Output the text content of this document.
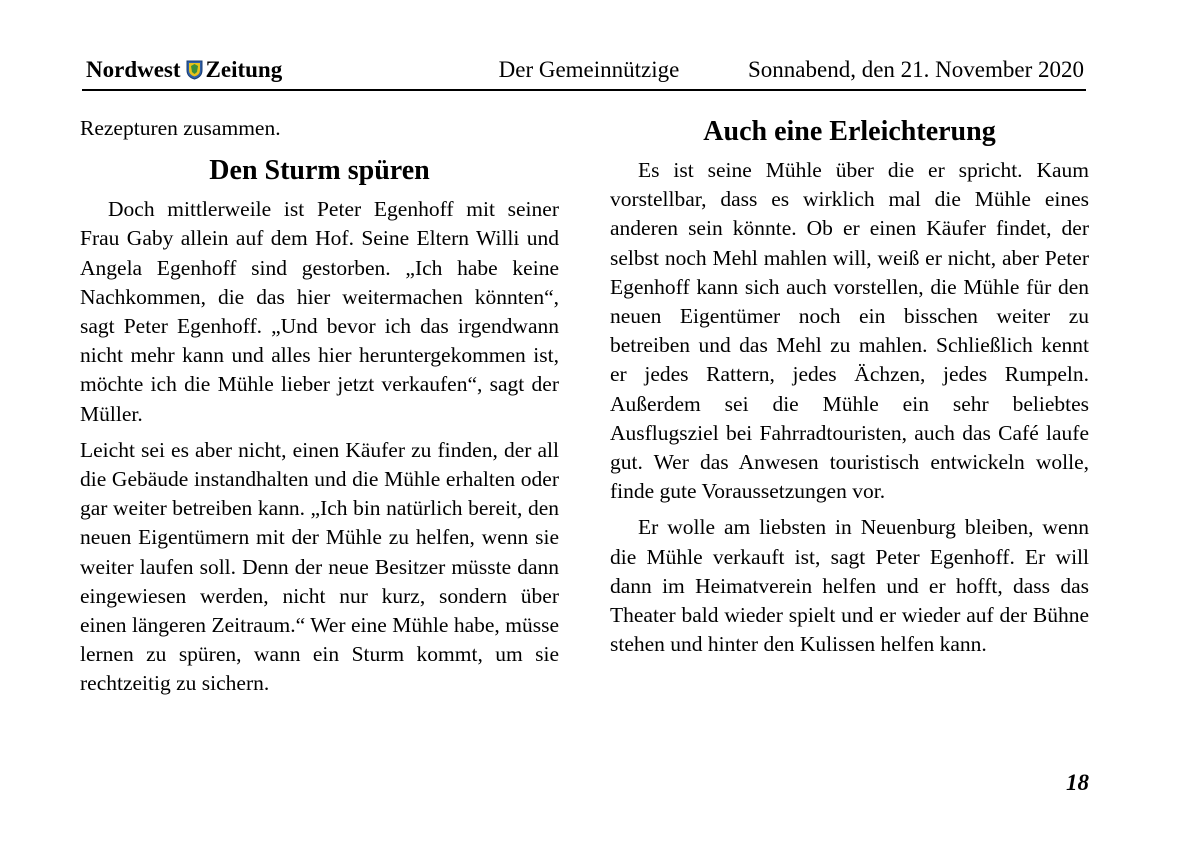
Nordwest Zeitung	Der Gemeinnützige	Sonnabend, den 21. November 2020

Rezepturen zusammen.

Den Sturm spüren

Doch mittlerweile ist Peter Egenhoff mit seiner Frau Gaby allein auf dem Hof. Seine Eltern Willi und Angela Egenhoff sind gestorben. „Ich habe keine Nachkommen, die das hier weitermachen könnten“, sagt Peter Egenhoff. „Und bevor ich das irgendwann nicht mehr kann und alles hier heruntergekommen ist, möchte ich die Mühle lieber jetzt verkaufen“, sagt der Müller.

Leicht sei es aber nicht, einen Käufer zu finden, der all die Gebäude instandhalten und die Mühle erhalten oder gar weiter betreiben kann. „Ich bin natürlich bereit, den neuen Eigentümern mit der Mühle zu helfen, wenn sie weiter laufen soll. Denn der neue Besitzer müsste dann eingewiesen werden, nicht nur kurz, sondern über einen längeren Zeitraum.“ Wer eine Mühle habe, müsse lernen zu spüren, wann ein Sturm kommt, um sie rechtzeitig zu sichern.

Auch eine Erleichterung

Es ist seine Mühle über die er spricht. Kaum vorstellbar, dass es wirklich mal die Mühle eines anderen sein könnte. Ob er einen Käufer findet, der selbst noch Mehl mahlen will, weiß er nicht, aber Peter Egenhoff kann sich auch vorstellen, die Mühle für den neuen Eigentümer noch ein bisschen weiter zu betreiben und das Mehl zu mahlen. Schließlich kennt er jedes Rattern, jedes Ächzen, jedes Rumpeln. Außerdem sei die Mühle ein sehr beliebtes Ausflugsziel bei Fahrradtouristen, auch das Café laufe gut. Wer das Anwesen touristisch entwickeln wolle, finde gute Voraussetzungen vor.

Er wolle am liebsten in Neuenburg bleiben, wenn die Mühle verkauft ist, sagt Peter Egenhoff. Er will dann im Heimatverein helfen und er hofft, dass das Theater bald wieder spielt und er wieder auf der Bühne stehen und hinter den Kulissen helfen kann.

18
